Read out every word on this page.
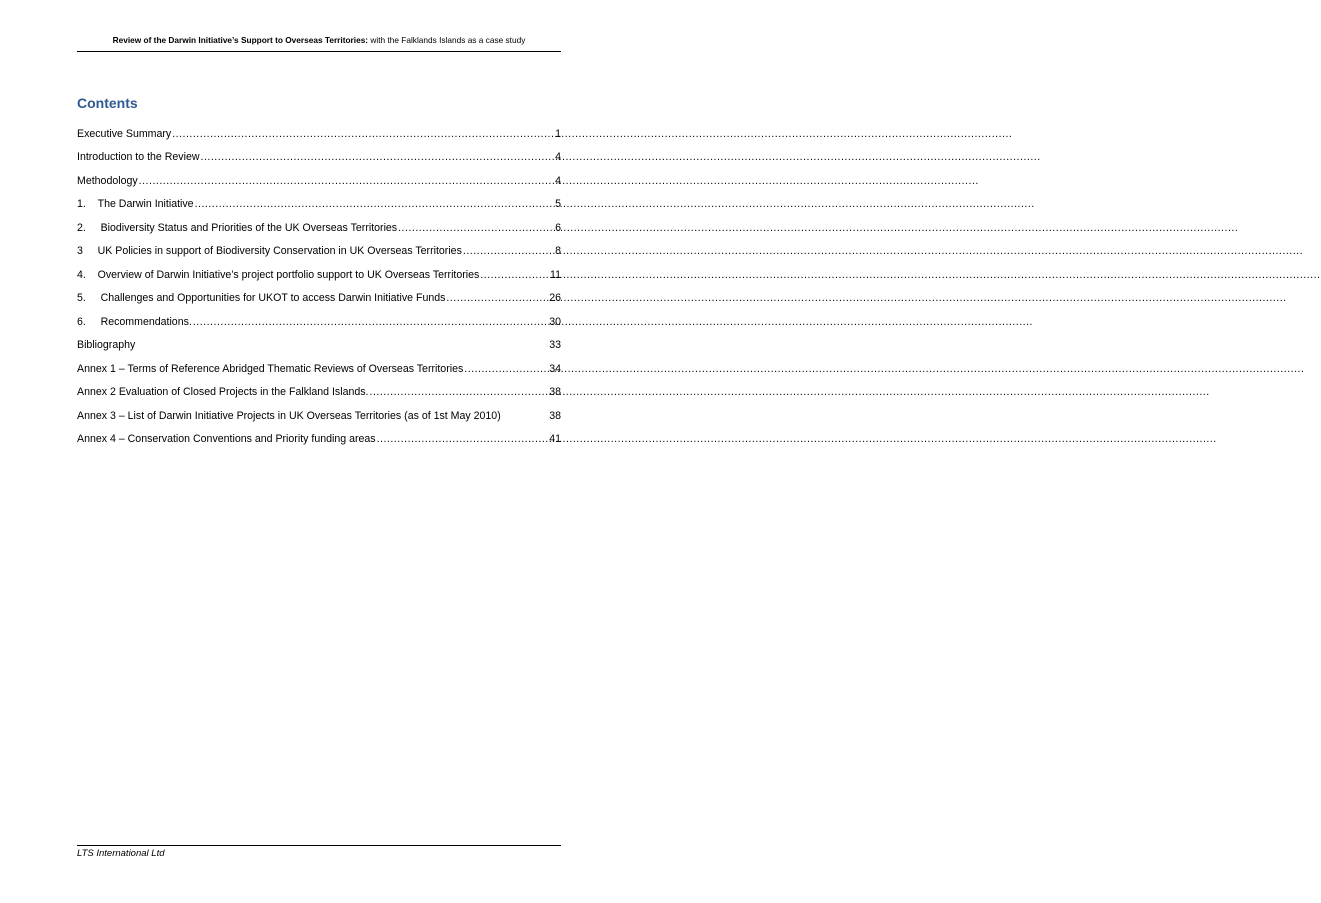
Review of the Darwin Initiative’s Support to Overseas Territories: with the Falklands Islands as a case study
Contents
Executive Summary .....	1
Introduction to the Review .....	4
Methodology .....	4
1. The Darwin Initiative .....	5
2. Biodiversity Status and Priorities of the UK Overseas Territories .....	6
3 UK Policies in support of Biodiversity Conservation in UK Overseas Territories .....	8
4. Overview of Darwin Initiative’s project portfolio support to UK Overseas Territories .....	11
5. Challenges and Opportunities for UKOT to access Darwin Initiative Funds .....	26
6. Recommendations. .....	30
Bibliography	33
Annex 1 – Terms of Reference Abridged Thematic Reviews of Overseas Territories .....	34
Annex 2 Evaluation of Closed Projects in the Falkland Islands. .....	38
Annex 3 – List of Darwin Initiative Projects in UK Overseas Territories (as of 1st May 2010)	38
Annex 4 – Conservation Conventions and Priority funding areas .....	41
LTS International Ltd
